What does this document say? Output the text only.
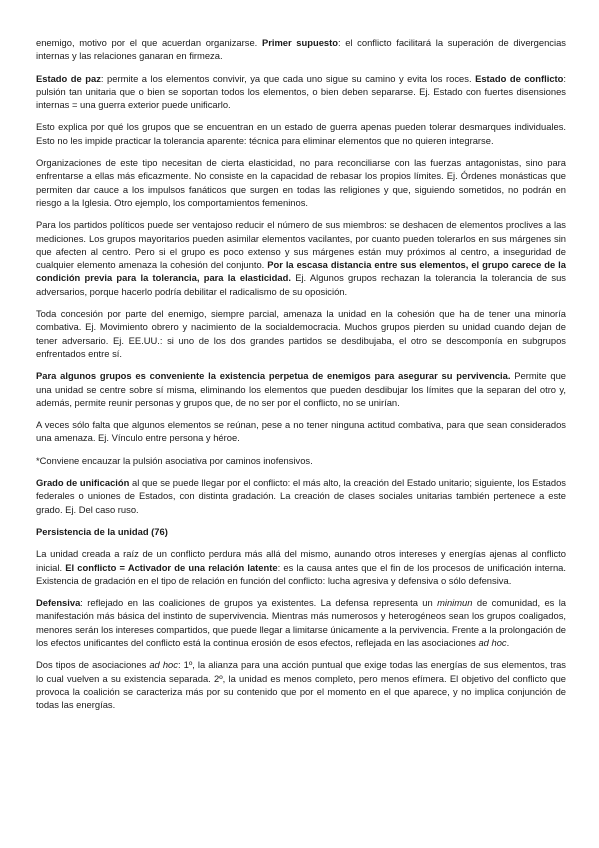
enemigo, motivo por el que acuerdan organizarse. Primer supuesto: el conflicto facilitará la superación de divergencias internas y las relaciones ganaran en firmeza.

Estado de paz: permite a los elementos convivir, ya que cada uno sigue su camino y evita los roces. Estado de conflicto: pulsión tan unitaria que o bien se soportan todos los elementos, o bien deben separarse. Ej. Estado con fuertes disensiones internas = una guerra exterior puede unificarlo.

Esto explica por qué los grupos que se encuentran en un estado de guerra apenas pueden tolerar desmarques individuales. Esto no les impide practicar la tolerancia aparente: técnica para eliminar elementos que no quieren integrarse.

Organizaciones de este tipo necesitan de cierta elasticidad, no para reconciliarse con las fuerzas antagonistas, sino para enfrentarse a ellas más eficazmente. No consiste en la capacidad de rebasar los propios límites. Ej. Órdenes monásticas que permiten dar cauce a los impulsos fanáticos que surgen en todas las religiones y que, siguiendo sometidos, no podrán en riesgo a la Iglesia. Otro ejemplo, los comportamientos femeninos.

Para los partidos políticos puede ser ventajoso reducir el número de sus miembros: se deshacen de elementos proclives a las mediciones. Los grupos mayoritarios pueden asimilar elementos vacilantes, por cuanto pueden tolerarlos en sus márgenes sin que afecten al centro. Pero si el grupo es poco extenso y sus márgenes están muy próximos al centro, a inseguridad de cualquier elemento amenaza la cohesión del conjunto. Por la escasa distancia entre sus elementos, el grupo carece de la condición previa para la tolerancia, para la elasticidad. Ej. Algunos grupos rechazan la tolerancia la tolerancia de sus adversarios, porque hacerlo podría debilitar el radicalismo de su oposición.

Toda concesión por parte del enemigo, siempre parcial, amenaza la unidad en la cohesión que ha de tener una minoría combativa. Ej. Movimiento obrero y nacimiento de la socialdemocracia. Muchos grupos pierden su unidad cuando dejan de tener adversario. Ej. EE.UU.: si uno de los dos grandes partidos se desdibujaba, el otro se descomponía en subgrupos enfrentados entre sí.

Para algunos grupos es conveniente la existencia perpetua de enemigos para asegurar su pervivencia. Permite que una unidad se centre sobre sí misma, eliminando los elementos que pueden desdibujar los límites que la separan del otro y, además, permite reunir personas y grupos que, de no ser por el conflicto, no se unirían.

A veces sólo falta que algunos elementos se reúnan, pese a no tener ninguna actitud combativa, para que sean considerados una amenaza. Ej. Vínculo entre persona y héroe.

*Conviene encauzar la pulsión asociativa por caminos inofensivos.

Grado de unificación al que se puede llegar por el conflicto: el más alto, la creación del Estado unitario; siguiente, los Estados federales o uniones de Estados, con distinta gradación. La creación de clases sociales unitarias también pertenece a este grado. Ej. Del caso ruso.

Persistencia de la unidad (76)

La unidad creada a raíz de un conflicto perdura más allá del mismo, aunando otros intereses y energías ajenas al conflicto inicial. El conflicto = Activador de una relación latente: es la causa antes que el fin de los procesos de unificación interna. Existencia de gradación en el tipo de relación en función del conflicto: lucha agresiva y defensiva o sólo defensiva.

Defensiva: reflejado en las coaliciones de grupos ya existentes. La defensa representa un minimun de comunidad, es la manifestación más básica del instinto de supervivencia. Mientras más numerosos y heterogéneos sean los grupos coaligados, menores serán los intereses compartidos, que puede llegar a limitarse únicamente a la pervivencia. Frente a la prolongación de los efectos unificantes del conflicto está la continua erosión de esos efectos, reflejada en las asociaciones ad hoc.

Dos tipos de asociaciones ad hoc: 1º, la alianza para una acción puntual que exige todas las energías de sus elementos, tras lo cual vuelven a su existencia separada. 2º, la unidad es menos completo, pero menos efímera. El objetivo del conflicto que provoca la coalición se caracteriza más por su contenido que por el momento en el que aparece, y no implica conjunción de todas las energías.
